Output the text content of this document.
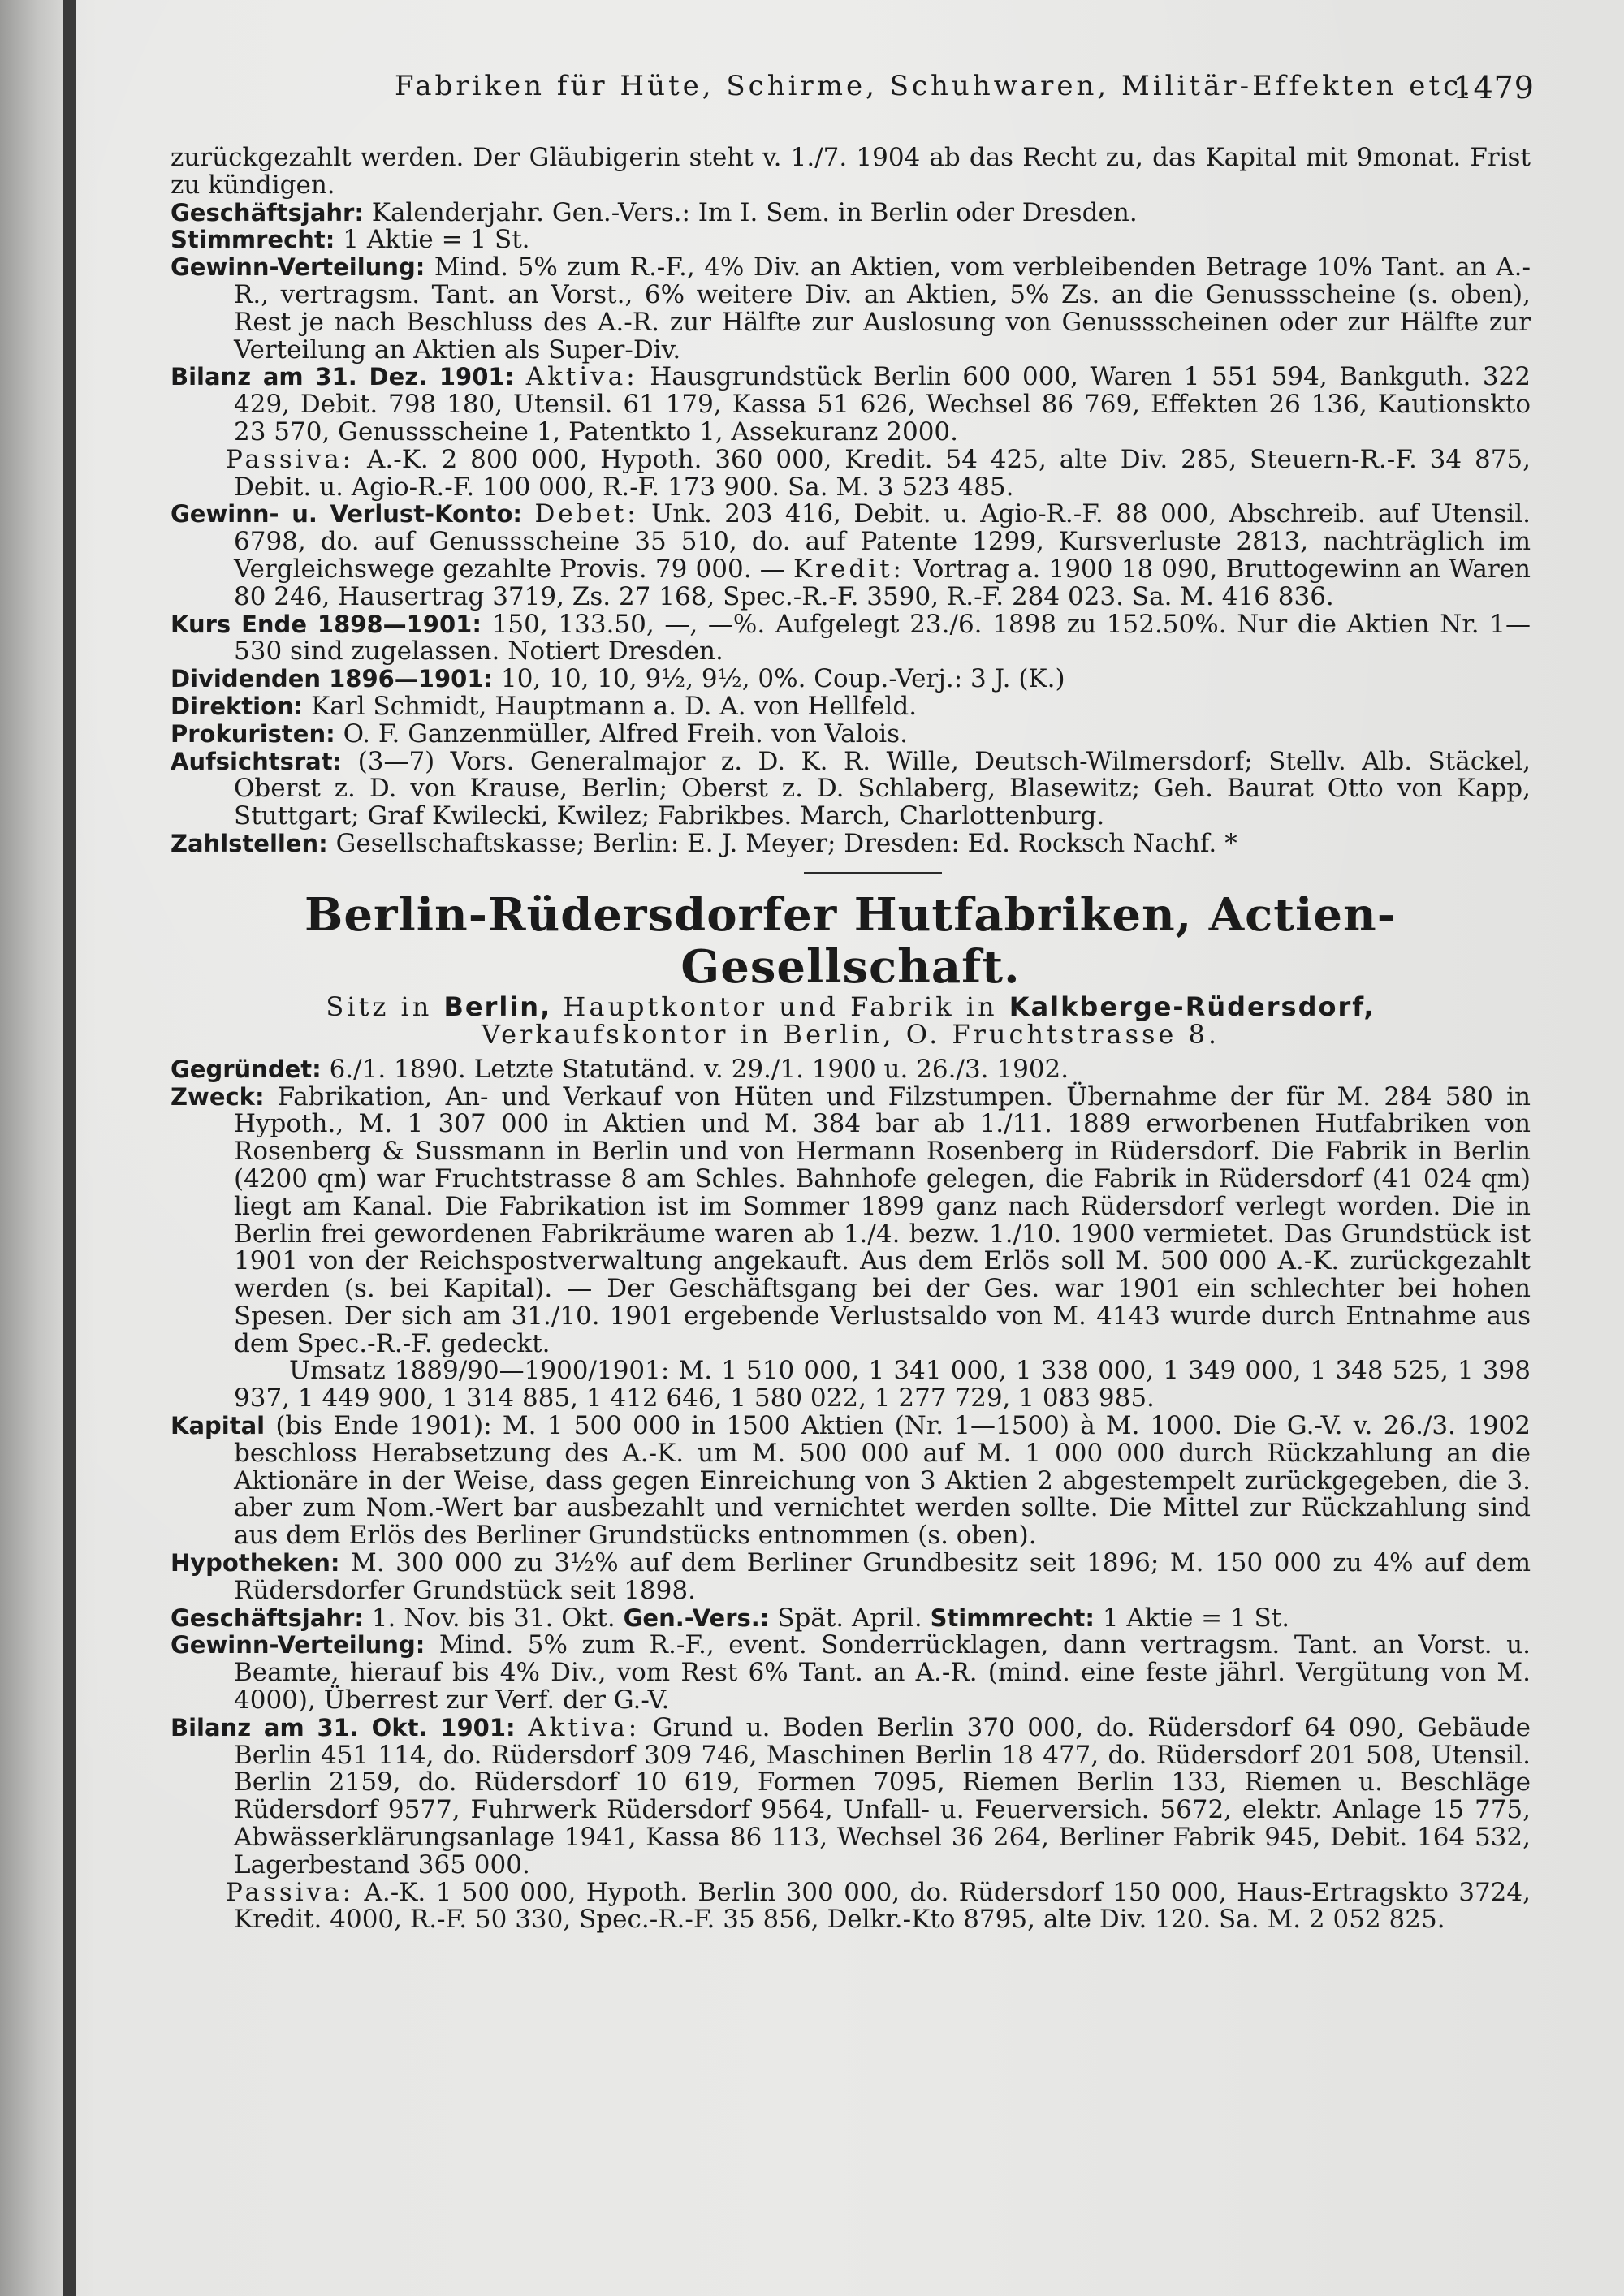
Fabriken für Hüte, Schirme, Schuhwaren, Militär-Effekten etc.
1479

zurückgezahlt werden. Der Gläubigerin steht v. 1./7. 1904 ab das Recht zu, das Kapital mit 9monat. Frist zu kündigen.

Geschäftsjahr: Kalenderjahr. Gen.-Vers.: Im I. Sem. in Berlin oder Dresden.

Stimmrecht: 1 Aktie = 1 St.

Gewinn-Verteilung: Mind. 5% zum R.-F., 4% Div. an Aktien, vom verbleibenden Betrage 10% Tant. an A.-R., vertragsm. Tant. an Vorst., 6% weitere Div. an Aktien, 5% Zs. an die Genussscheine (s. oben), Rest je nach Beschluss des A.-R. zur Hälfte zur Auslosung von Genussscheinen oder zur Hälfte zur Verteilung an Aktien als Super-Div.

Bilanz am 31. Dez. 1901: Aktiva: Hausgrundstück Berlin 600 000, Waren 1 551 594, Bankguth. 322 429, Debit. 798 180, Utensil. 61 179, Kassa 51 626, Wechsel 86 769, Effekten 26 136, Kautionskto 23 570, Genussscheine 1, Patentkto 1, Assekuranz 2000.

Passiva: A.-K. 2 800 000, Hypoth. 360 000, Kredit. 54 425, alte Div. 285, Steuern-R.-F. 34 875, Debit. u. Agio-R.-F. 100 000, R.-F. 173 900. Sa. M. 3 523 485.

Gewinn- u. Verlust-Konto: Debet: Unk. 203 416, Debit. u. Agio-R.-F. 88 000, Abschreib. auf Utensil. 6798, do. auf Genussscheine 35 510, do. auf Patente 1299, Kursverluste 2813, nachträglich im Vergleichswege gezahlte Provis. 79 000. — Kredit: Vortrag a. 1900 18 090, Bruttogewinn an Waren 80 246, Hausertrag 3719, Zs. 27 168, Spec.-R.-F. 3590, R.-F. 284 023. Sa. M. 416 836.

Kurs Ende 1898—1901: 150, 133.50, —, —%. Aufgelegt 23./6. 1898 zu 152.50%. Nur die Aktien Nr. 1—530 sind zugelassen. Notiert Dresden.

Dividenden 1896—1901: 10, 10, 10, 9½, 9½, 0%. Coup.-Verj.: 3 J. (K.)

Direktion: Karl Schmidt, Hauptmann a. D. A. von Hellfeld.

Prokuristen: O. F. Ganzenmüller, Alfred Freih. von Valois.

Aufsichtsrat: (3—7) Vors. Generalmajor z. D. K. R. Wille, Deutsch-Wilmersdorf; Stellv. Alb. Stäckel, Oberst z. D. von Krause, Berlin; Oberst z. D. Schlaberg, Blasewitz; Geh. Baurat Otto von Kapp, Stuttgart; Graf Kwilecki, Kwilez; Fabrikbes. March, Charlottenburg.

Zahlstellen: Gesellschaftskasse; Berlin: E. J. Meyer; Dresden: Ed. Rocksch Nachf. *

Berlin-Rüdersdorfer Hutfabriken, Actien-Gesellschaft.

Sitz in Berlin, Hauptkontor und Fabrik in Kalkberge-Rüdersdorf,

Verkaufskontor in Berlin, O. Fruchtstrasse 8.

Gegründet: 6./1. 1890. Letzte Statutänd. v. 29./1. 1900 u. 26./3. 1902.

Zweck: Fabrikation, An- und Verkauf von Hüten und Filzstumpen. Übernahme der für M. 284 580 in Hypoth., M. 1 307 000 in Aktien und M. 384 bar ab 1./11. 1889 erworbenen Hutfabriken von Rosenberg & Sussmann in Berlin und von Hermann Rosenberg in Rüdersdorf. Die Fabrik in Berlin (4200 qm) war Fruchtstrasse 8 am Schles. Bahnhofe gelegen, die Fabrik in Rüdersdorf (41 024 qm) liegt am Kanal. Die Fabrikation ist im Sommer 1899 ganz nach Rüdersdorf verlegt worden. Die in Berlin frei gewordenen Fabrikräume waren ab 1./4. bezw. 1./10. 1900 vermietet. Das Grundstück ist 1901 von der Reichspostverwaltung angekauft. Aus dem Erlös soll M. 500 000 A.-K. zurückgezahlt werden (s. bei Kapital). — Der Geschäftsgang bei der Ges. war 1901 ein schlechter bei hohen Spesen. Der sich am 31./10. 1901 ergebende Verlustsaldo von M. 4143 wurde durch Entnahme aus dem Spec.-R.-F. gedeckt.

Umsatz 1889/90—1900/1901: M. 1 510 000, 1 341 000, 1 338 000, 1 349 000, 1 348 525, 1 398 937, 1 449 900, 1 314 885, 1 412 646, 1 580 022, 1 277 729, 1 083 985.

Kapital (bis Ende 1901): M. 1 500 000 in 1500 Aktien (Nr. 1—1500) à M. 1000. Die G.-V. v. 26./3. 1902 beschloss Herabsetzung des A.-K. um M. 500 000 auf M. 1 000 000 durch Rückzahlung an die Aktionäre in der Weise, dass gegen Einreichung von 3 Aktien 2 abgestempelt zurückgegeben, die 3. aber zum Nom.-Wert bar ausbezahlt und vernichtet werden sollte. Die Mittel zur Rückzahlung sind aus dem Erlös des Berliner Grundstücks entnommen (s. oben).

Hypotheken: M. 300 000 zu 3½% auf dem Berliner Grundbesitz seit 1896; M. 150 000 zu 4% auf dem Rüdersdorfer Grundstück seit 1898.

Geschäftsjahr: 1. Nov. bis 31. Okt. Gen.-Vers.: Spät. April. Stimmrecht: 1 Aktie = 1 St.

Gewinn-Verteilung: Mind. 5% zum R.-F., event. Sonderrücklagen, dann vertragsm. Tant. an Vorst. u. Beamte, hierauf bis 4% Div., vom Rest 6% Tant. an A.-R. (mind. eine feste jährl. Vergütung von M. 4000), Überrest zur Verf. der G.-V.

Bilanz am 31. Okt. 1901: Aktiva: Grund u. Boden Berlin 370 000, do. Rüdersdorf 64 090, Gebäude Berlin 451 114, do. Rüdersdorf 309 746, Maschinen Berlin 18 477, do. Rüdersdorf 201 508, Utensil. Berlin 2159, do. Rüdersdorf 10 619, Formen 7095, Riemen Berlin 133, Riemen u. Beschläge Rüdersdorf 9577, Fuhrwerk Rüdersdorf 9564, Unfall- u. Feuerversich. 5672, elektr. Anlage 15 775, Abwässerklärungsanlage 1941, Kassa 86 113, Wechsel 36 264, Berliner Fabrik 945, Debit. 164 532, Lagerbestand 365 000.

Passiva: A.-K. 1 500 000, Hypoth. Berlin 300 000, do. Rüdersdorf 150 000, Haus-Ertragskto 3724, Kredit. 4000, R.-F. 50 330, Spec.-R.-F. 35 856, Delkr.-Kto 8795, alte Div. 120. Sa. M. 2 052 825.
